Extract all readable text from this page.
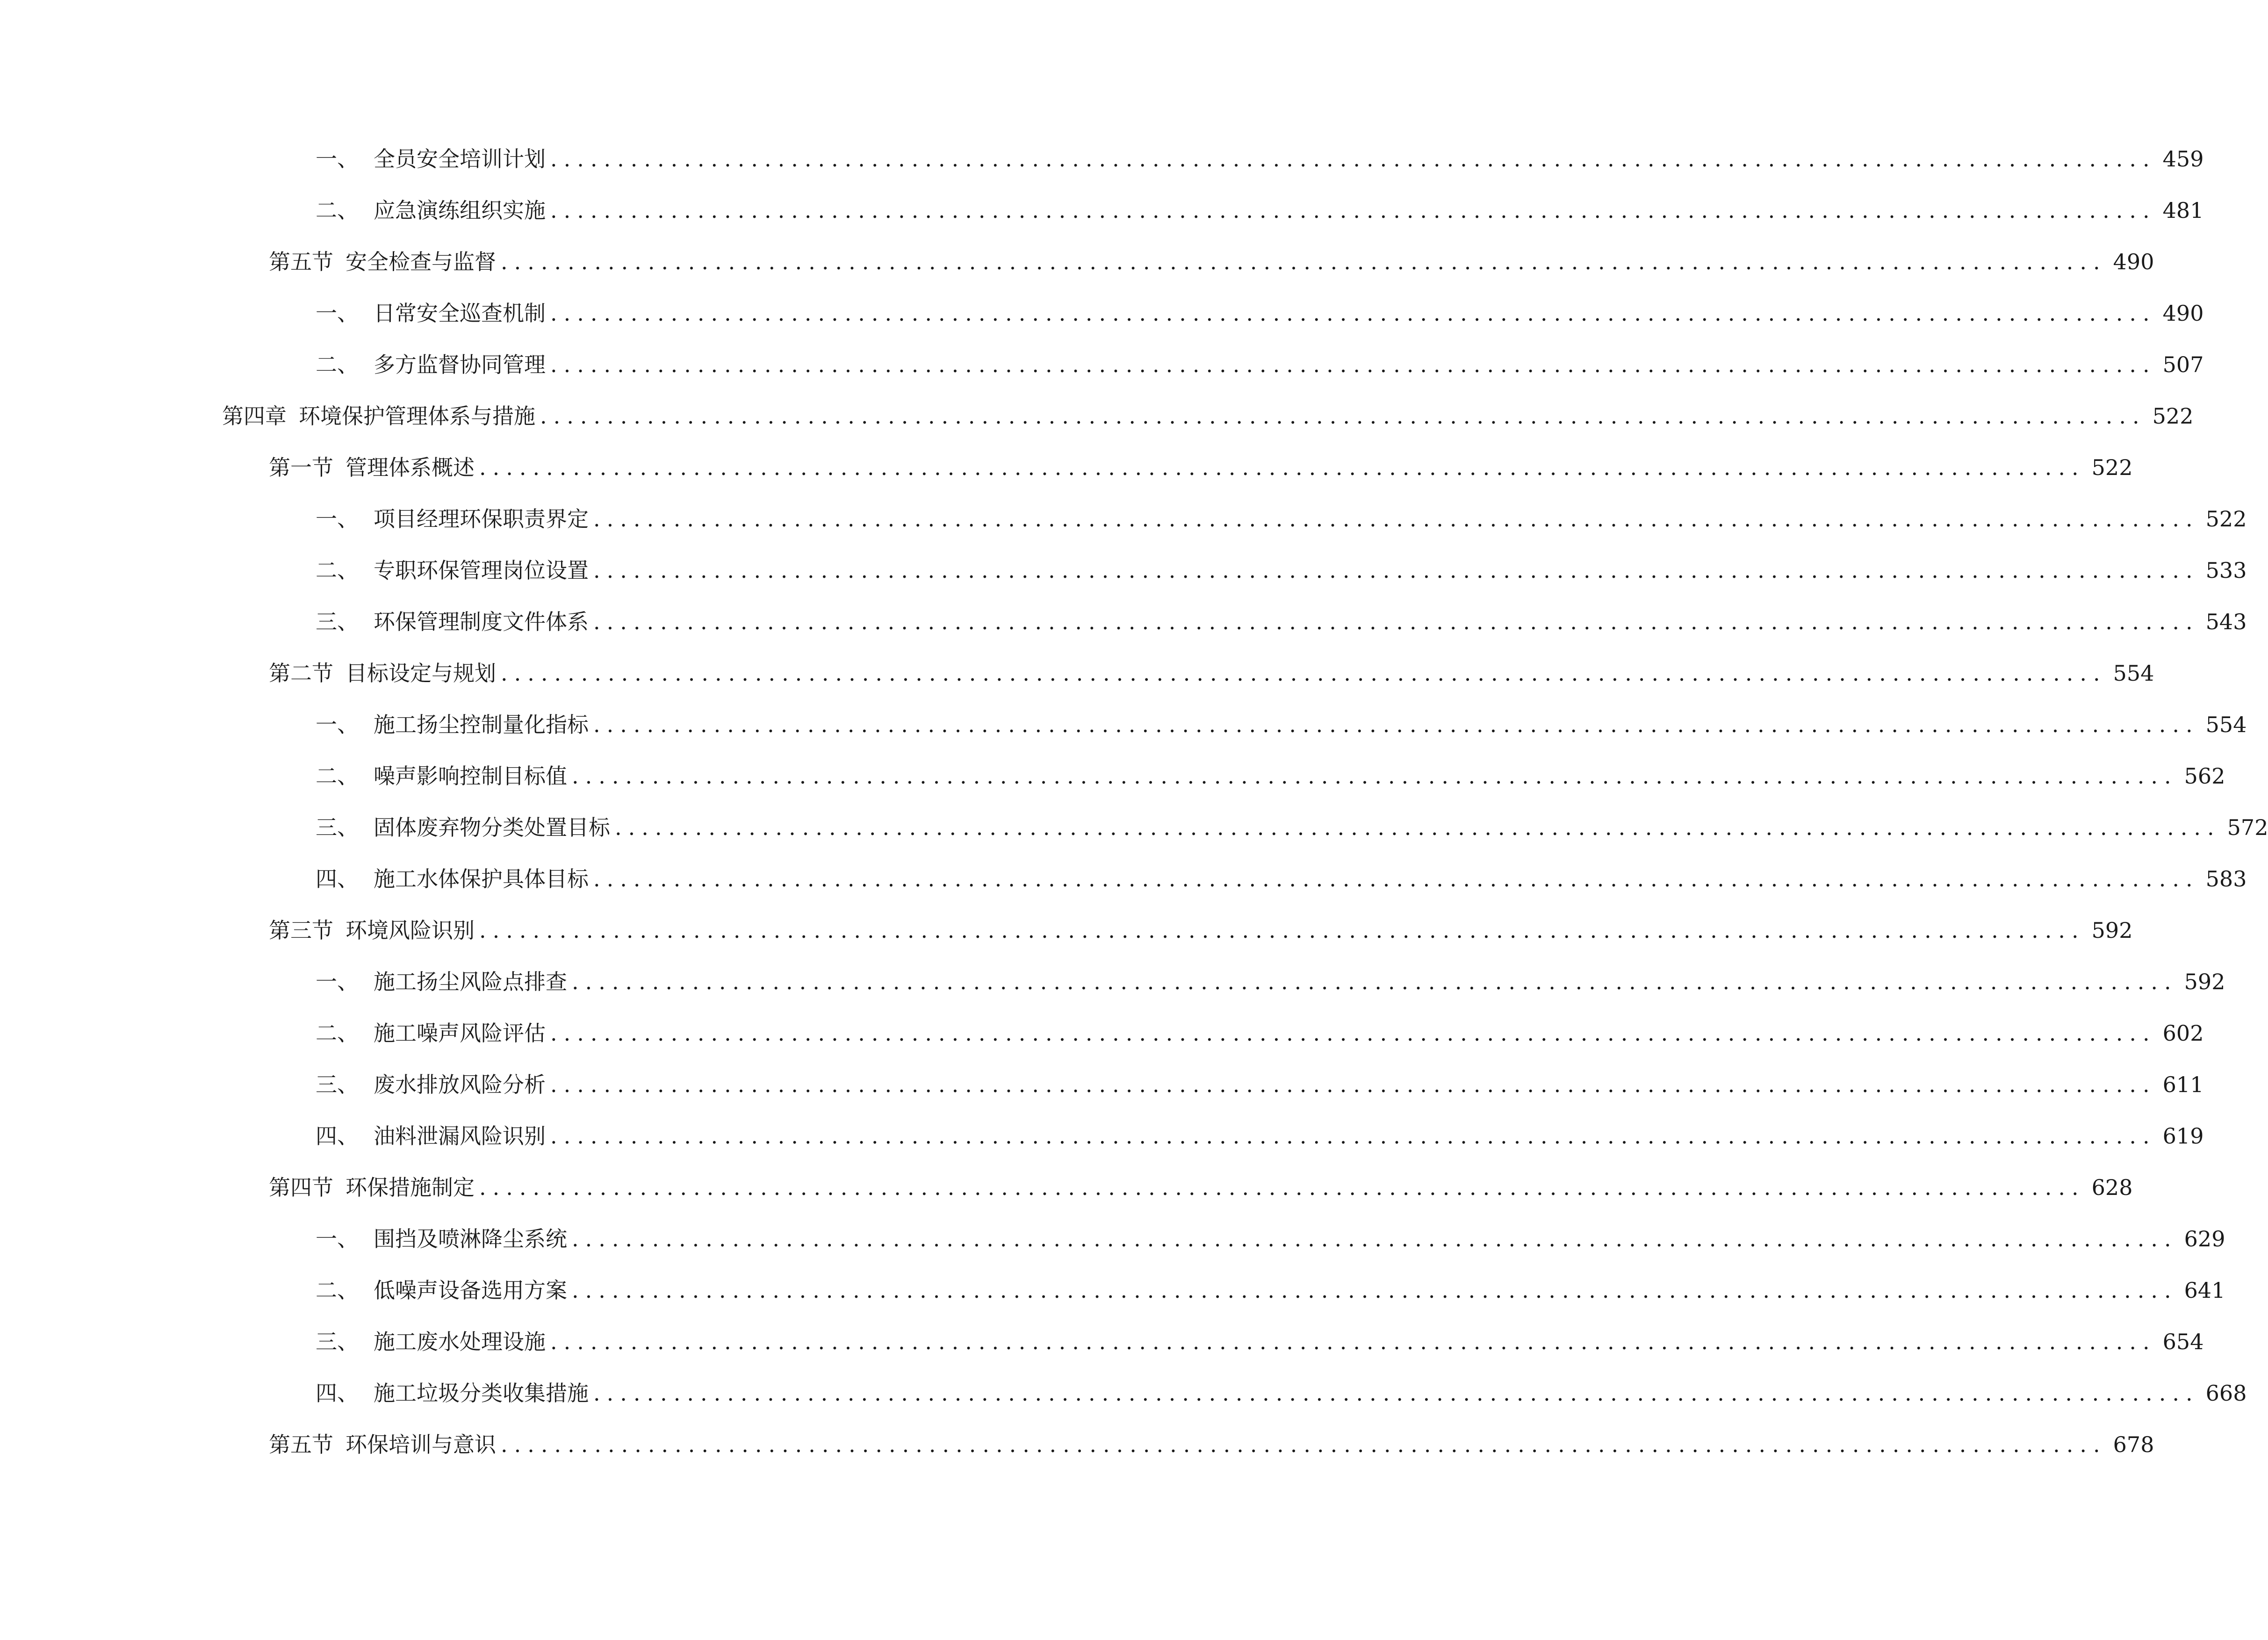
一、 全员安全培训计划 ........................................................................................................................ 459
二、 应急演练组织实施 ........................................................................................................................ 481
第五节 安全检查与监督 ........................................................................................................................ 490
一、 日常安全巡查机制 ........................................................................................................................ 490
二、 多方监督协同管理 ........................................................................................................................ 507
第四章 环境保护管理体系与措施 ........................................................................................................................ 522
第一节 管理体系概述 ........................................................................................................................ 522
一、 项目经理环保职责界定 ........................................................................................................................ 522
二、 专职环保管理岗位设置 ........................................................................................................................ 533
三、 环保管理制度文件体系 ........................................................................................................................ 543
第二节 目标设定与规划 ........................................................................................................................ 554
一、 施工扬尘控制量化指标 ........................................................................................................................ 554
二、 噪声影响控制目标值 ........................................................................................................................ 562
三、 固体废弃物分类处置目标 ........................................................................................................................ 572
四、 施工水体保护具体目标 ........................................................................................................................ 583
第三节 环境风险识别 ........................................................................................................................ 592
一、 施工扬尘风险点排查 ........................................................................................................................ 592
二、 施工噪声风险评估 ........................................................................................................................ 602
三、 废水排放风险分析 ........................................................................................................................ 611
四、 油料泄漏风险识别 ........................................................................................................................ 619
第四节 环保措施制定 ........................................................................................................................ 628
一、 围挡及喷淋降尘系统 ........................................................................................................................ 629
二、 低噪声设备选用方案 ........................................................................................................................ 641
三、 施工废水处理设施 ........................................................................................................................ 654
四、 施工垃圾分类收集措施 ........................................................................................................................ 668
第五节 环保培训与意识 ........................................................................................................................ 678
